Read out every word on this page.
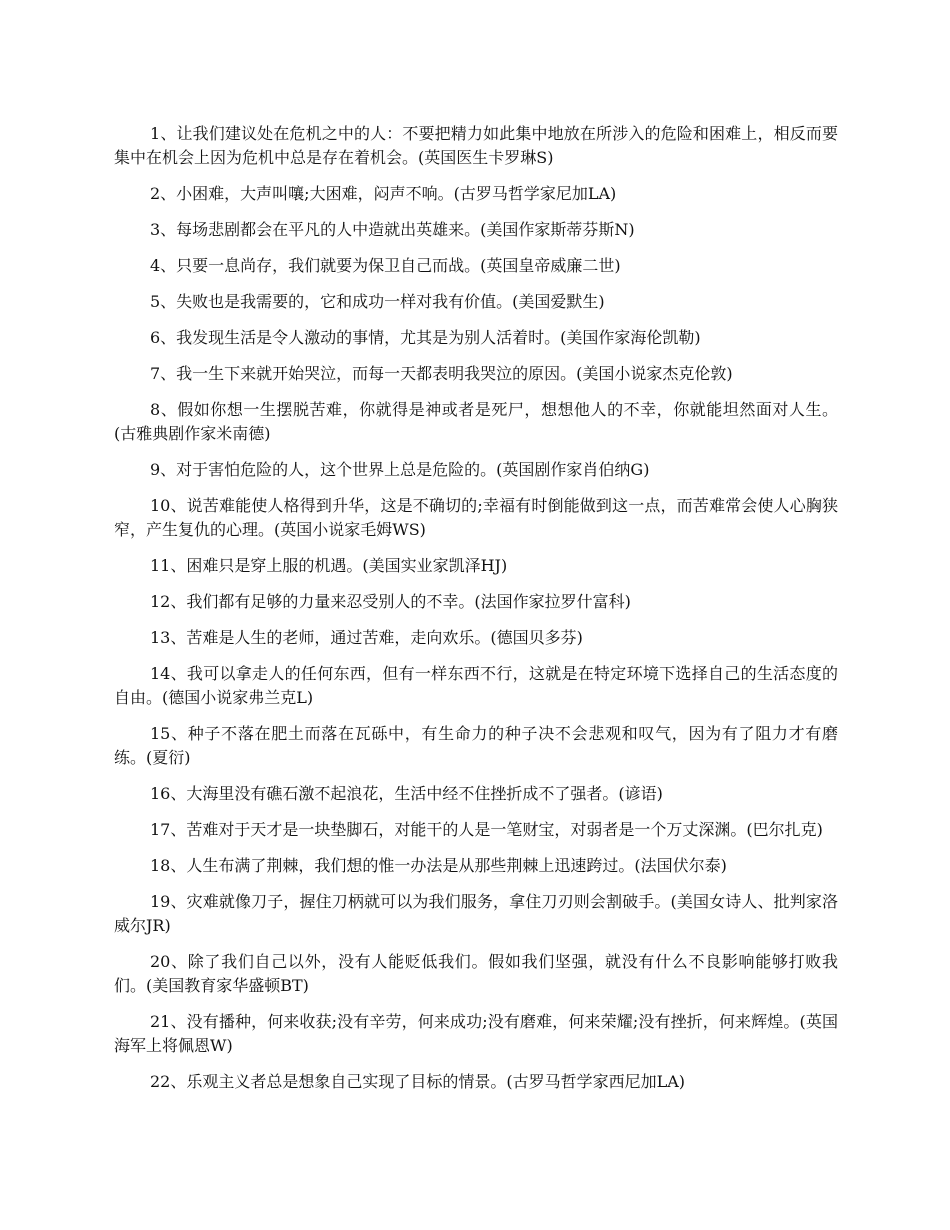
1、让我们建议处在危机之中的人：不要把精力如此集中地放在所涉入的危险和困难上，相反而要集中在机会上因为危机中总是存在着机会。(英国医生卡罗琳S)

2、小困难，大声叫嚷;大困难，闷声不响。(古罗马哲学家尼加LA)

3、每场悲剧都会在平凡的人中造就出英雄来。(美国作家斯蒂芬斯N)

4、只要一息尚存，我们就要为保卫自己而战。(英国皇帝威廉二世)

5、失败也是我需要的，它和成功一样对我有价值。(美国爱默生)

6、我发现生活是令人激动的事情，尤其是为别人活着时。(美国作家海伦凯勒)

7、我一生下来就开始哭泣，而每一天都表明我哭泣的原因。(美国小说家杰克伦敦)

8、假如你想一生摆脱苦难，你就得是神或者是死尸，想想他人的不幸，你就能坦然面对人生。(古雅典剧作家米南德)

9、对于害怕危险的人，这个世界上总是危险的。(英国剧作家肖伯纳G)

10、说苦难能使人格得到升华，这是不确切的;幸福有时倒能做到这一点，而苦难常会使人心胸狭窄，产生复仇的心理。(英国小说家毛姆WS)

11、困难只是穿上服的机遇。(美国实业家凯泽HJ)

12、我们都有足够的力量来忍受别人的不幸。(法国作家拉罗什富科)

13、苦难是人生的老师，通过苦难，走向欢乐。(德国贝多芬)

14、我可以拿走人的任何东西，但有一样东西不行，这就是在特定环境下选择自己的生活态度的自由。(德国小说家弗兰克L)

15、种子不落在肥土而落在瓦砾中，有生命力的种子决不会悲观和叹气，因为有了阻力才有磨练。(夏衍)

16、大海里没有礁石激不起浪花，生活中经不住挫折成不了强者。(谚语)

17、苦难对于天才是一块垫脚石，对能干的人是一笔财宝，对弱者是一个万丈深渊。(巴尔扎克)

18、人生布满了荆棘，我们想的惟一办法是从那些荆棘上迅速跨过。(法国伏尔泰)

19、灾难就像刀子，握住刀柄就可以为我们服务，拿住刀刃则会割破手。(美国女诗人、批判家洛威尔JR)

20、除了我们自己以外，没有人能贬低我们。假如我们坚强，就没有什么不良影响能够打败我们。(美国教育家华盛顿BT)

21、没有播种，何来收获;没有辛劳，何来成功;没有磨难，何来荣耀;没有挫折，何来辉煌。(英国海军上将佩恩W)

22、乐观主义者总是想象自己实现了目标的情景。(古罗马哲学家西尼加LA)
